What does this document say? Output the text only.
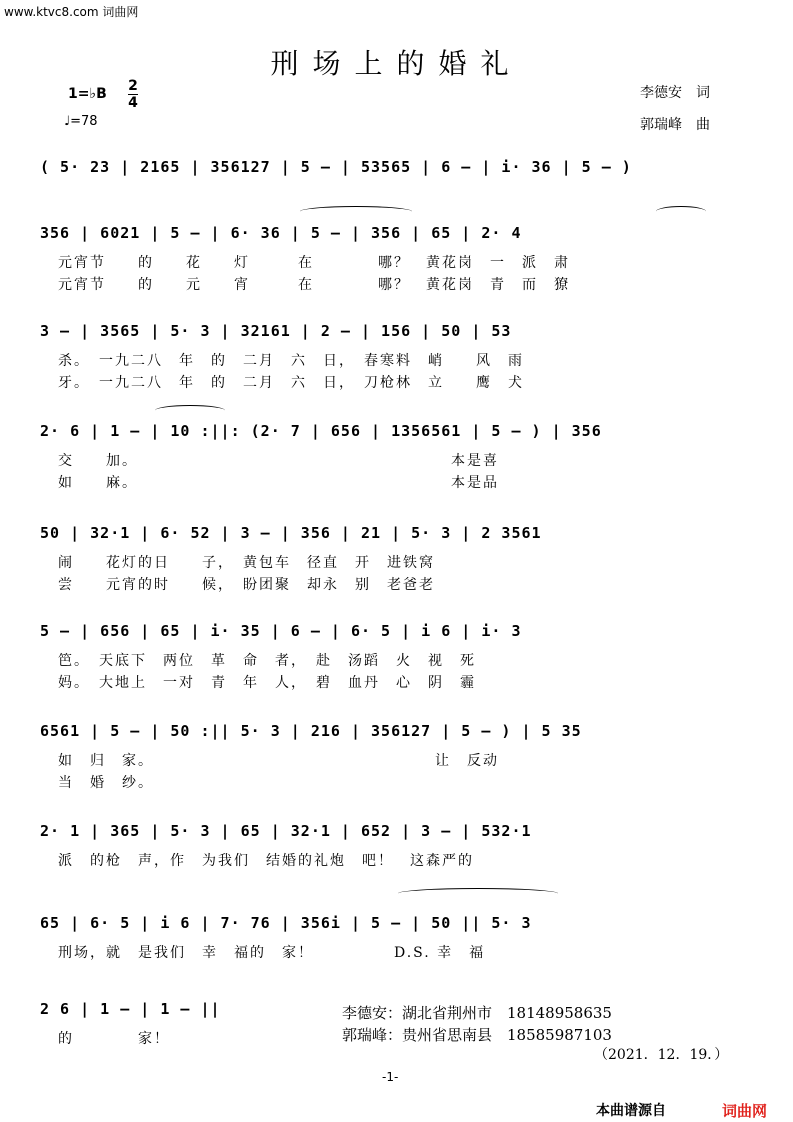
www.ktvc8.com 词曲网
刑场上的婚礼
1=♭B 2
4
♩=78
李德安　词
郭瑞峰　曲
( 5· 23 | 2165 | 356127 | 5 – | 53565 | 6 – | i· 36 | 5 – )
356 | 6021 | 5 – | 6· 36 | 5 – | 356 | 65 | 2· 4
元宵节　　的　　花　　灯　　　在　　　　哪？　黄花岗　一　派　肃
元宵节　　的　　元　　宵　　　在　　　　哪？　黄花岗　青　而　獠
3 – | 3565 | 5· 3 | 32161 | 2 – | 156 | 50 | 53
杀。　一九二八　年　的　二月　六　日，　春寒料　峭　　风　雨
牙。　一九二八　年　的　二月　六　日，　刀枪林　立　　鹰　犬
2· 6 | 1 – | 10 :||: (2· 7 | 656 | 1356561 | 5 – ) | 356
交　　加。　　　　　　　　　　　　　　　　　　　　本是喜
如　　麻。　　　　　　　　　　　　　　　　　　　　本是品
50 | 32·1 | 6· 52 | 3 – | 356 | 21 | 5· 3 | 2 3561
闹　　花灯的日　　子，　黄包车　径直　开　进铁窝
尝　　元宵的时　　候，　盼团聚　却永　别　老爸老
5 – | 656 | 65 | i· 35 | 6 – | 6· 5 | i 6 | i· 3
笆。　天底下　两位　革　命　者，　赴　汤蹈　火　视　死
妈。　大地上　一对　青　年　人，　碧　血丹　心　阴　霾
6561 | 5 – | 50 :|| 5· 3 | 216 | 356127 | 5 – ) | 5 35
如　归　家。　　　　　　　　　　　　　　　　　　让　反动
当　婚　纱。
2· 1 | 365 | 5· 3 | 65 | 32·1 | 652 | 3 – | 532·1
派　的枪　声，作　为我们　结婚的礼炮　吧！　这森严的
65 | 6· 5 | i 6 | 7· 76 | 356i | 5 – | 50 || 5· 3
刑场，就　是我们　幸　福的　家！　　　　　D.S. 幸　福
2 6 | 1 – | 1 – ||
的　　　　家！
李德安：湖北省荆州市　18148958635
郭瑞峰：贵州省思南县　18585987103
（2021．12．19．）
-1-
本曲谱源自	词曲网
